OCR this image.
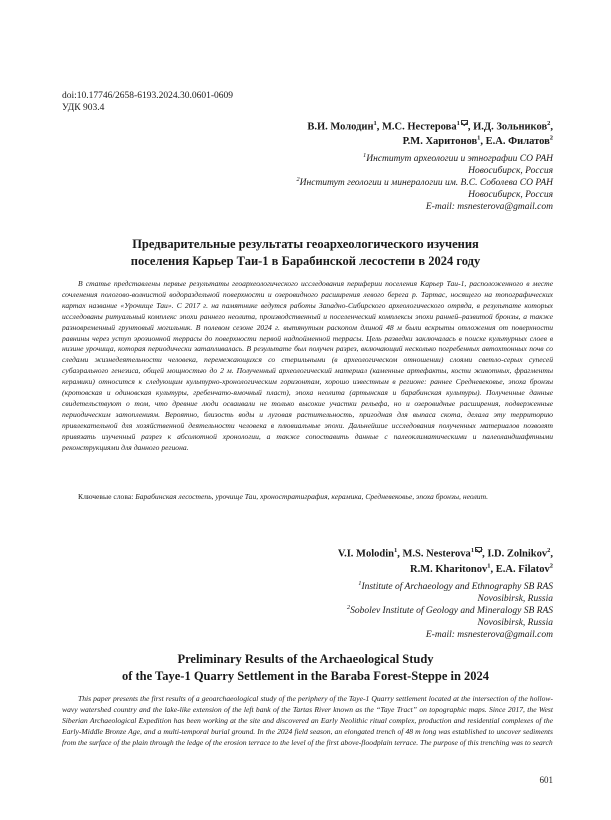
doi:10.17746/2658-6193.2024.30.0601-0609
УДК 903.4
В.И. Молодин$^1$, М.С. Нестерова$^1$ , И.Д. Зольников$^2$,
Р.М. Харитонов$^1$, Е.А. Филатов$^2$
$^1$Институт археологии и этнографии СО РАН
Новосибирск, Россия
$^2$Институт геологии и минералогии им. В.С. Соболева СО РАН
Новосибирск, Россия
E-mail: msnesterova@gmail.com
Предварительные результаты геоархеологического изучения
поселения Карьер Таи-1 в Барабинской лесостепи в 2024 году

В статье представлены первые результаты геоархеологического исследования периферии поселения Карьер Таи-1, расположенного в месте сочленения пологово-волнистой водораздельной поверхности и озеровидного расширения левого берега р. Тартас, носящего на топографических картах название «Урочище Таи». С 2017 г. на памятнике ведутся работы Западно-Сибирского археологического отряда, в результате которых исследованы ритуальный комплекс эпохи раннего неолита, производственный и поселенческий комплексы эпохи ранней–развитой бронзы, а также разновременный грунтовый могильник. В полевом сезоне 2024 г. вытянутым раскопом длиной 48 м были вскрыты отложения от поверхности равнины через уступ эрозионной террасы до поверхности первой надпойменной террасы. Цель разведки заключалась в поиске культурных слоев в низине урочища, которая периодически затапливалась. В результате был получен разрез, включающий несколько погребенных автохтонных почв со следами жизнедеятельности человека, перемежающихся со стерильными (в археологическом отношении) слоями светло-серых супесей субаэрального генезиса, общей мощностью до 2 м. Полученный археологический материал (каменные артефакты, кости животных, фрагменты керамики) относится к следующим культурно-хронологическим горизонтам, хорошо известным в регионе: раннее Средневековье, эпоха бронзы (кротовская и одиновская культуры, гребенчато-ямочный пласт), эпоха неолита (артынская и барабинская культуры). Полученные данные свидетельствуют о том, что древние люди осваивали не только высокие участки рельефа, но и озеровидные расширения, подверженные периодическим затоплениям. Вероятно, близость воды и луговая растительность, пригодная для выпаса скота, делала эту территорию привлекательной для хозяйственной деятельности человека в плювиальные эпохи. Дальнейшие исследования полученных материалов позволят привязать изученный разрез к абсолютной хронологии, а также сопоставить данные с палеоклиматическими и палеоландшафтными реконструкциями для данного региона.

Ключевые слова: Барабинская лесостепь, урочище Таи, хроностратиграфия, керамика, Средневековье, эпоха бронзы, неолит.
V.I. Molodin$^1$, M.S. Nesterova$^1$ , I.D. Zolnikov$^2$,
R.M. Kharitonov$^1$, E.A. Filatov$^2$
$^1$Institute of Archaeology and Ethnography SB RAS
Novosibirsk, Russia
$^2$Sobolev Institute of Geology and Mineralogy SB RAS
Novosibirsk, Russia
E-mail: msnesterova@gmail.com
Preliminary Results of the Archaeological Study
of the Taye-1 Quarry Settlement in the Baraba Forest-Steppe in 2024

This paper presents the first results of a geoarchaeological study of the periphery of the Taye-1 Quarry settlement located at the intersection of the hollow-wavy watershed country and the lake-like extension of the left bank of the Tartas River known as the “Taye Tract” on topographic maps. Since 2017, the West Siberian Archaeological Expedition has been working at the site and discovered an Early Neolithic ritual complex, production and residential complexes of the Early-Middle Bronze Age, and a multi-temporal burial ground. In the 2024 field season, an elongated trench of 48 m long was established to uncover sediments from the surface of the plain through the ledge of the erosion terrace to the level of the first above-floodplain terrace. The purpose of this trenching was to search

601
